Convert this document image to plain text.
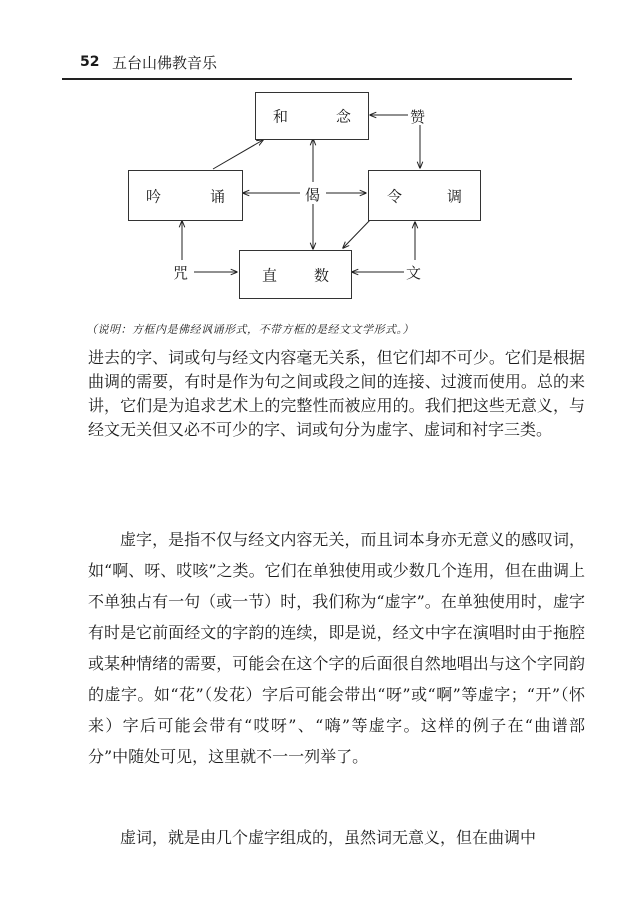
52 五台山佛教音乐
和	念
吟	诵	令	调
直 数
赞
偈
咒	文
（说明：方框内是佛经讽诵形式，不带方框的是经文文学形式。）

进去的字、词或句与经文内容毫无关系，但它们却不可少。它们是根据曲调的需要，有时是作为句之间或段之间的连接、过渡而使用。总的来讲，它们是为追求艺术上的完整性而被应用的。我们把这些无意义，与经文无关但又必不可少的字、词或句分为虚字、虚词和衬字三类。

虚字，是指不仅与经文内容无关，而且词本身亦无意义的感叹词，如“啊、呀、哎咳”之类。它们在单独使用或少数几个连用，但在曲调上不单独占有一句（或一节）时，我们称为“虚字”。在单独使用时，虚字有时是它前面经文的字韵的连续，即是说，经文中字在演唱时由于拖腔或某种情绪的需要，可能会在这个字的后面很自然地唱出与这个字同韵的虚字。如“花”（发花）字后可能会带出“呀”或“啊”等虚字；“开”（怀来）字后可能会带有“哎呀”、“嗨”等虚字。这样的例子在“曲谱部分”中随处可见，这里就不一一列举了。

虚词，就是由几个虚字组成的，虽然词无意义，但在曲调中
